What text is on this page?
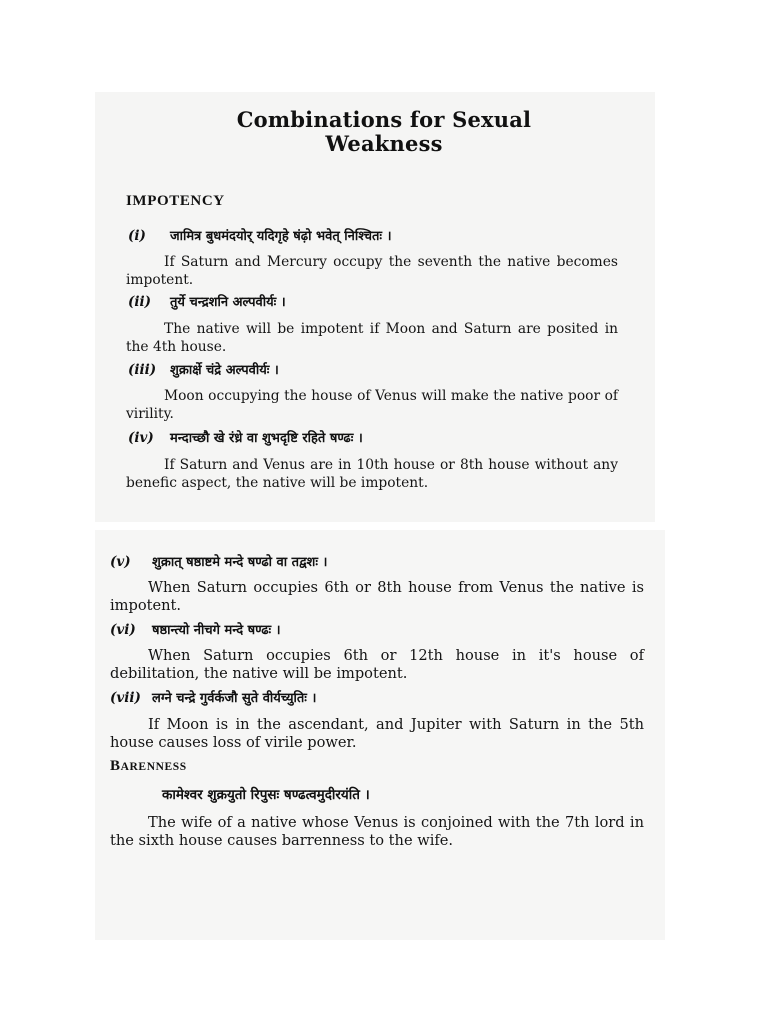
Combinations for Sexual
Weakness
IMPOTENCY
(i) जामित्र बुधमंदयोर् यदिगृहे षंढ़ो भवेत् निश्चितः ।
If Saturn and Mercury occupy the seventh the native becomes impotent.
(ii) तुर्ये चन्द्रशनि अल्पवीर्यः ।
The native will be impotent if Moon and Saturn are posited in the 4th house.
(iii) शुक्रार्क्षे चंद्रे अल्पवीर्यः ।
Moon occupying the house of Venus will make the native poor of virility.
(iv) मन्दाच्छौ खे रंध्रे वा शुभदृष्टि रहिते षण्ढः ।
If Saturn and Venus are in 10th house or 8th house without any benefic aspect, the native will be impotent.
(v) शुक्रात् षष्ठाष्टमे मन्दे षण्ढो वा तद्वशः ।
When Saturn occupies 6th or 8th house from Venus the native is impotent.
(vi) षष्ठान्त्यो नीचगे मन्दे षण्ढः ।
When Saturn occupies 6th or 12th house in it's house of debilitation, the native will be impotent.
(vii) लग्ने चन्द्रे गुर्वर्कजौ सुते वीर्यच्युतिः ।
If Moon is in the ascendant, and Jupiter with Saturn in the 5th house causes loss of virile power.
BARENNESS
कामेश्वर शुक्रयुतो रिपुसः षण्ढत्वमुदीरयंति ।
The wife of a native whose Venus is conjoined with the 7th lord in the sixth house causes barrenness to the wife.
